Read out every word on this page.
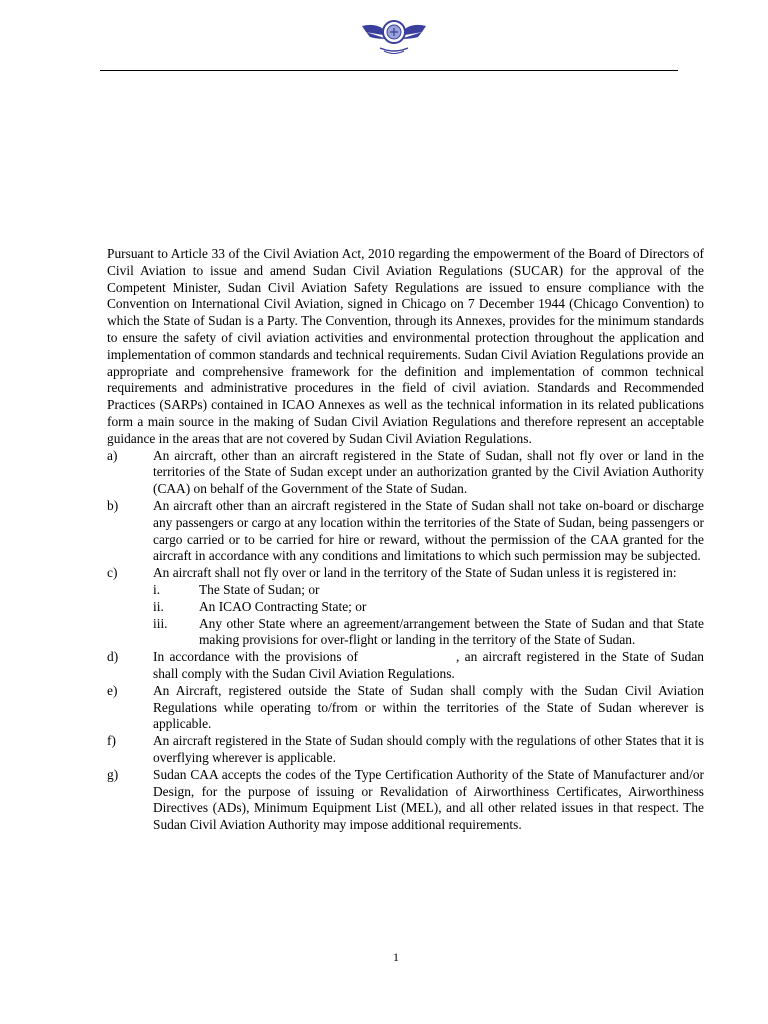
Pursuant to Article 33 of the Civil Aviation Act, 2010 regarding the empowerment of the Board of Directors of Civil Aviation to issue and amend Sudan Civil Aviation Regulations (SUCAR) for the approval of the Competent Minister, Sudan Civil Aviation Safety Regulations are issued to ensure compliance with the Convention on International Civil Aviation, signed in Chicago on 7 December 1944 (Chicago Convention) to which the State of Sudan is a Party. The Convention, through its Annexes, provides for the minimum standards to ensure the safety of civil aviation activities and environmental protection throughout the application and implementation of common standards and technical requirements. Sudan Civil Aviation Regulations provide an appropriate and comprehensive framework for the definition and implementation of common technical requirements and administrative procedures in the field of civil aviation. Standards and Recommended Practices (SARPs) contained in ICAO Annexes as well as the technical information in its related publications form a main source in the making of Sudan Civil Aviation Regulations and therefore represent an acceptable guidance in the areas that are not covered by Sudan Civil Aviation Regulations.

a)	An aircraft, other than an aircraft registered in the State of Sudan, shall not fly over or land in the territories of the State of Sudan except under an authorization granted by the Civil Aviation Authority (CAA) on behalf of the Government of the State of Sudan.
b)	An aircraft other than an aircraft registered in the State of Sudan shall not take on-board or discharge any passengers or cargo at any location within the territories of the State of Sudan, being passengers or cargo carried or to be carried for hire or reward, without the permission of the CAA granted for the aircraft in accordance with any conditions and limitations to which such permission may be subjected.
c)	An aircraft shall not fly over or land in the territory of the State of Sudan unless it is registered in:
i.	The State of Sudan; or
ii.	An ICAO Contracting State; or
iii.	Any other State where an agreement/arrangement between the State of Sudan and that State making provisions for over-flight or landing in the territory of the State of Sudan.
d)	In accordance with the provisions of	, an aircraft registered in the State of Sudan shall comply with the Sudan Civil Aviation Regulations.
e)	An Aircraft, registered outside the State of Sudan shall comply with the Sudan Civil Aviation Regulations while operating to/from or within the territories of the State of Sudan wherever is applicable.
f)	An aircraft registered in the State of Sudan should comply with the regulations of other States that it is overflying wherever is applicable.
g)	Sudan CAA accepts the codes of the Type Certification Authority of the State of Manufacturer and/or Design, for the purpose of issuing or Revalidation of Airworthiness Certificates, Airworthiness Directives (ADs), Minimum Equipment List (MEL), and all other related issues in that respect. The Sudan Civil Aviation Authority may impose additional requirements.
1
